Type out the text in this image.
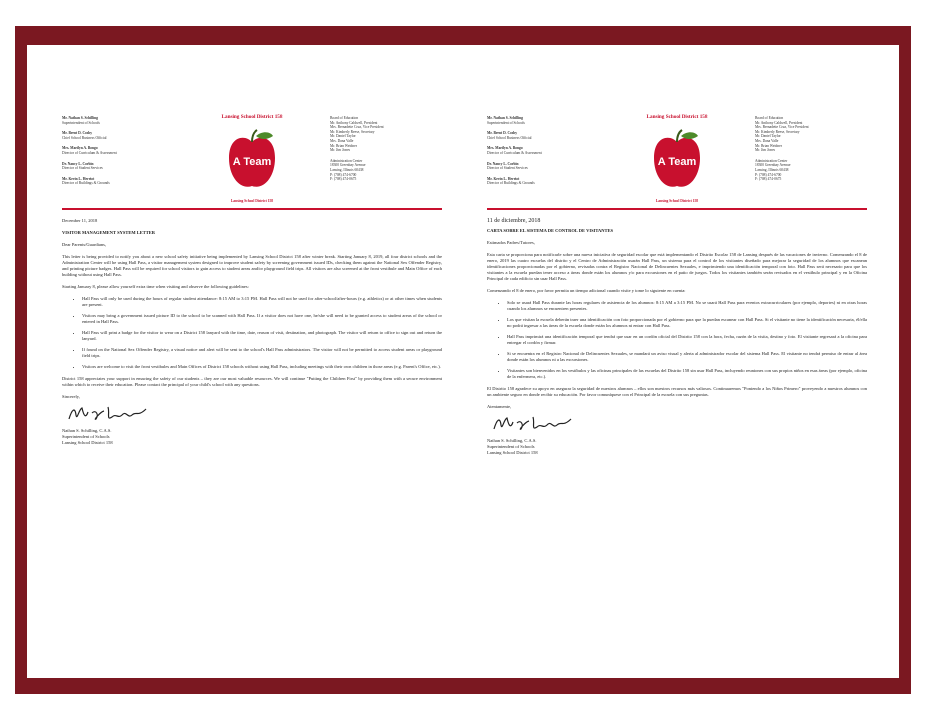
Mr. Nathan S. Schilling
Superintendent of Schools
Mr. Brent D. Cosby
Chief School Business Official
Mrs. Marilyn A. Bongo
Director of Curriculum & Assessment
Dr. Nancy L. Corbin
Director of Student Services
Mr. Kevin L. Herriot
Director of Buildings & Grounds
Lansing School District 158
A Team
Lansing School District 158
Board of Education
Mr. Anthony Caldwell, President
Mrs. Bernadette Cruz, Vice President
Mr. Kimberly Reese, Secretary
Mr. Daniel Taylor
Mrs. Dana Valle
Mr. Brian Weidner
Mr. Jim Jones
Administration Center
18300 Greenbay Avenue
Lansing, Illinois 60438
P: (708) 474-6700
F: (708) 474-0675
December 11, 2018
VISITOR MANAGEMENT SYSTEM LETTER
Dear Parents/Guardians,
This letter is being provided to notify you about a new school safety initiative being implemented by Lansing School District 158 after winter break. Starting January 8, 2019, all four district schools and the Administration Center will be using Hall Pass, a visitor management system designed to improve student safety by screening government issued IDs, checking them against the National Sex Offender Registry, and printing picture badges. Hall Pass will be required for school visitors to gain access to student areas and/or playground field trips. All visitors are also screened at the front vestibule and Main Office of each building without using Hall Pass.
Starting January 8, please allow yourself extra time when visiting and observe the following guidelines:
• Hall Pass will only be used during the hours of regular student attendance: 8:15 AM to 3:15 PM. Hall Pass will not be used for after-school/after-hours (e.g. athletics) or at other times when students are present.
• Visitors may bring a government issued picture ID to the school to be scanned with Hall Pass. If a visitor does not have one, he/she will need to be granted access to student areas of the school or entered in Hall Pass.
• Hall Pass will print a badge for the visitor to wear on a District 158 lanyard with the time, date, reason of visit, destination, and photograph. The visitor will return to office to sign out and return the lanyard.
• If found on the National Sex Offender Registry, a visual notice and alert will be sent to the school's Hall Pass administrators. The visitor will not be permitted to access student areas or playground field trips.
• Visitors are welcome to visit the front vestibules and Main Offices of District 158 schools without using Hall Pass, including meetings with their own children in those areas (e.g. Parent's Office, etc.).
District 158 appreciates your support in ensuring the safety of our students – they are our most valuable resources. We will continue "Putting the Children First" by providing them with a secure environment within which to receive their education. Please contact the principal of your child's school with any questions.
Sincerely,
Nathan S. Schilling, C.A.S.
Superintendent of Schools
Lansing School District 158
Mr. Nathan S. Schilling
Superintendent of Schools
Mr. Brent D. Cosby
Chief School Business Official
Mrs. Marilyn A. Bongo
Director of Curriculum & Assessment
Dr. Nancy L. Corbin
Director of Student Services
Mr. Kevin L. Herriot
Director of Buildings & Grounds
Lansing School District 158
A Team
Lansing School District 158
Board of Education
Mr. Anthony Caldwell, President
Mrs. Bernadette Cruz, Vice President
Mr. Kimberly Reese, Secretary
Mr. Daniel Taylor
Mrs. Dana Valle
Mr. Brian Weidner
Mr. Jim Jones
Administration Center
18300 Greenbay Avenue
Lansing, Illinois 60438
P: (708) 474-6700
F: (708) 474-0675
11 de diciembre, 2018
CARTA SOBRE EL SISTEMA DE CONTROL DE VISITANTES
Estimados Padres/Tutores,
Esta carta se proporciona para notificarle sobre una nueva iniciativa de seguridad escolar que está implementando el Distrito Escolar 158 de Lansing después de las vacaciones de invierno. Comenzando el 8 de enero, 2019 las cuatro escuelas del distrito y el Centro de Administración usarán Hall Pass, un sistema para el control de los visitantes diseñado para mejorar la seguridad de los alumnos que escanean identificaciones proporcionadas por el gobierno, revisadas contra el Registro Nacional de Delincuentes Sexuales, e imprimiendo una identificación temporal con foto. Hall Pass será necesario para que los visitantes a la escuela puedan tener acceso a áreas donde están los alumnos y/o para excursiones en el patio de juegos. Todos los visitantes también serán revisados en el vestíbulo principal y en la Oficina Principal de cada edificio sin usar Hall Pass.
Comenzando el 8 de enero, por favor permita un tiempo adicional cuando visite y tome lo siguiente en cuenta:
• Solo se usará Hall Pass durante las horas regulares de asistencia de los alumnos: 8:15 AM a 3:15 PM. No se usará Hall Pass para eventos extracurriculares (por ejemplo, deportes) ni en otras horas cuando los alumnos se encuentren presentes.
• Los que visitan la escuela deberán traer una identificación con foto proporcionada por el gobierno para que la puedan escanear con Hall Pass. Si el visitante no tiene la identificación necesaria, él/ella no podrá ingresar a las áreas de la escuela donde están los alumnos ni entrar con Hall Pass.
• Hall Pass imprimirá una identificación temporal que tendrá que usar en un cordón oficial del Distrito 158 con la hora, fecha, razón de la visita, destino y foto. El visitante regresará a la oficina para entregar el cordón y firmar.
• Si se encuentra en el Registro Nacional de Delincuentes Sexuales, se mandará un aviso visual y alerta al administrador escolar del sistema Hall Pass. El visitante no tendrá permiso de entrar al área donde están los alumnos ni a las excursiones.
• Visitantes son bienvenidos en los vestíbulos y las oficinas principales de las escuelas del Distrito 158 sin usar Hall Pass, incluyendo reuniones con sus propios niños en esas áreas (por ejemplo, oficina de la enfermera, etc.).
El Distrito 158 agradece su apoyo en asegurar la seguridad de nuestros alumnos – ellos son nuestros recursos más valiosos. Continuaremos "Poniendo a los Niños Primero" proveyendo a nuestros alumnos con un ambiente seguro en donde recibir su educación. Por favor comuníquese con el Principal de la escuela con sus preguntas.
Atentamente,
Nathan S. Schilling, C.A.S.
Superintendent of Schools
Lansing School District 158
